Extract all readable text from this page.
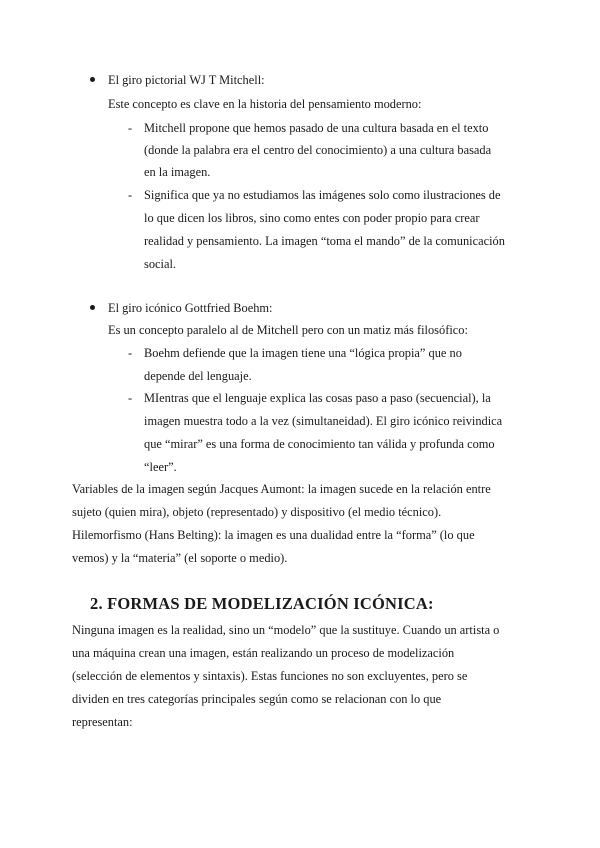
El giro pictorial WJ T Mitchell:
Este concepto es clave en la historia del pensamiento moderno:
- Mitchell propone que hemos pasado de una cultura basada en el texto
(donde la palabra era el centro del conocimiento) a una cultura basada
en la imagen.
- Significa que ya no estudiamos las imágenes solo como ilustraciones de
lo que dicen los libros, sino como entes con poder propio para crear
realidad y pensamiento. La imagen “toma el mando” de la comunicación
social.
El giro icónico Gottfried Boehm:
Es un concepto paralelo al de Mitchell pero con un matiz más filosófico:
- Boehm defiende que la imagen tiene una “lógica propia” que no
depende del lenguaje.
- MIentras que el lenguaje explica las cosas paso a paso (secuencial), la
imagen muestra todo a la vez (simultaneidad). El giro icónico reivindica
que “mirar” es una forma de conocimiento tan válida y profunda como
“leer”.
Variables de la imagen según Jacques Aumont: la imagen sucede en la relación entre
sujeto (quien mira), objeto (representado) y dispositivo (el medio técnico).
Hilemorfismo (Hans Belting): la imagen es una dualidad entre la “forma” (lo que
vemos) y la “materia” (el soporte o medio).
2. FORMAS DE MODELIZACIÓN ICÓNICA:
Ninguna imagen es la realidad, sino un “modelo” que la sustituye. Cuando un artista o
una máquina crean una imagen, están realizando un proceso de modelización
(selección de elementos y sintaxis). Estas funciones no son excluyentes, pero se
dividen en tres categorías principales según como se relacionan con lo que
representan:
